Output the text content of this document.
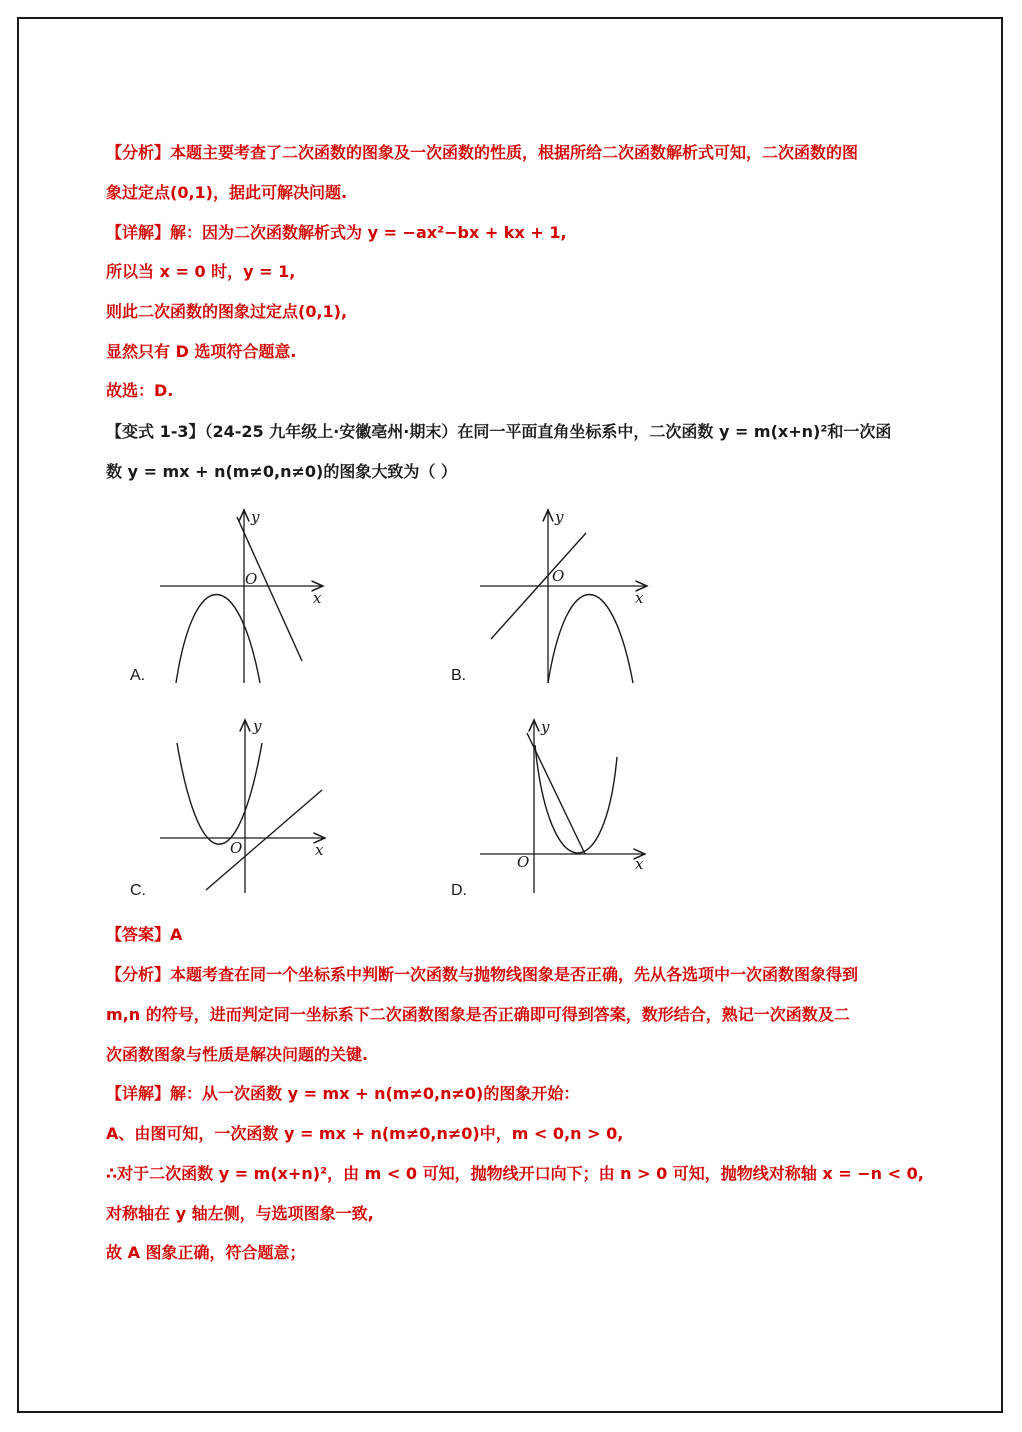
【分析】本题主要考查了二次函数的图象及一次函数的性质，根据所给二次函数解析式可知，二次函数的图
象过定点(0,1)，据此可解决问题.
【详解】解：因为二次函数解析式为 y = −ax²−bx + kx + 1,
所以当 x = 0 时，y = 1,
则此二次函数的图象过定点(0,1),
显然只有 D 选项符合题意.
故选：D.
【变式 1-3】（24-25 九年级上·安徽亳州·期末）在同一平面直角坐标系中，二次函数 y = m(x+n)²和一次函
数 y = mx + n(m≠0,n≠0)的图象大致为（ ）
y
x
O
A.
y
x
O
B.
y
x
O
C.
y
x
O
D.
【答案】A
【分析】本题考查在同一个坐标系中判断一次函数与抛物线图象是否正确，先从各选项中一次函数图象得到
m,n 的符号，进而判定同一坐标系下二次函数图象是否正确即可得到答案，数形结合，熟记一次函数及二
次函数图象与性质是解决问题的关键.
【详解】解：从一次函数 y = mx + n(m≠0,n≠0)的图象开始：
A、由图可知，一次函数 y = mx + n(m≠0,n≠0)中，m < 0,n > 0,
∴对于二次函数 y = m(x+n)²，由 m < 0 可知，抛物线开口向下；由 n > 0 可知，抛物线对称轴 x = −n < 0,
对称轴在 y 轴左侧，与选项图象一致,
故 A 图象正确，符合题意；
